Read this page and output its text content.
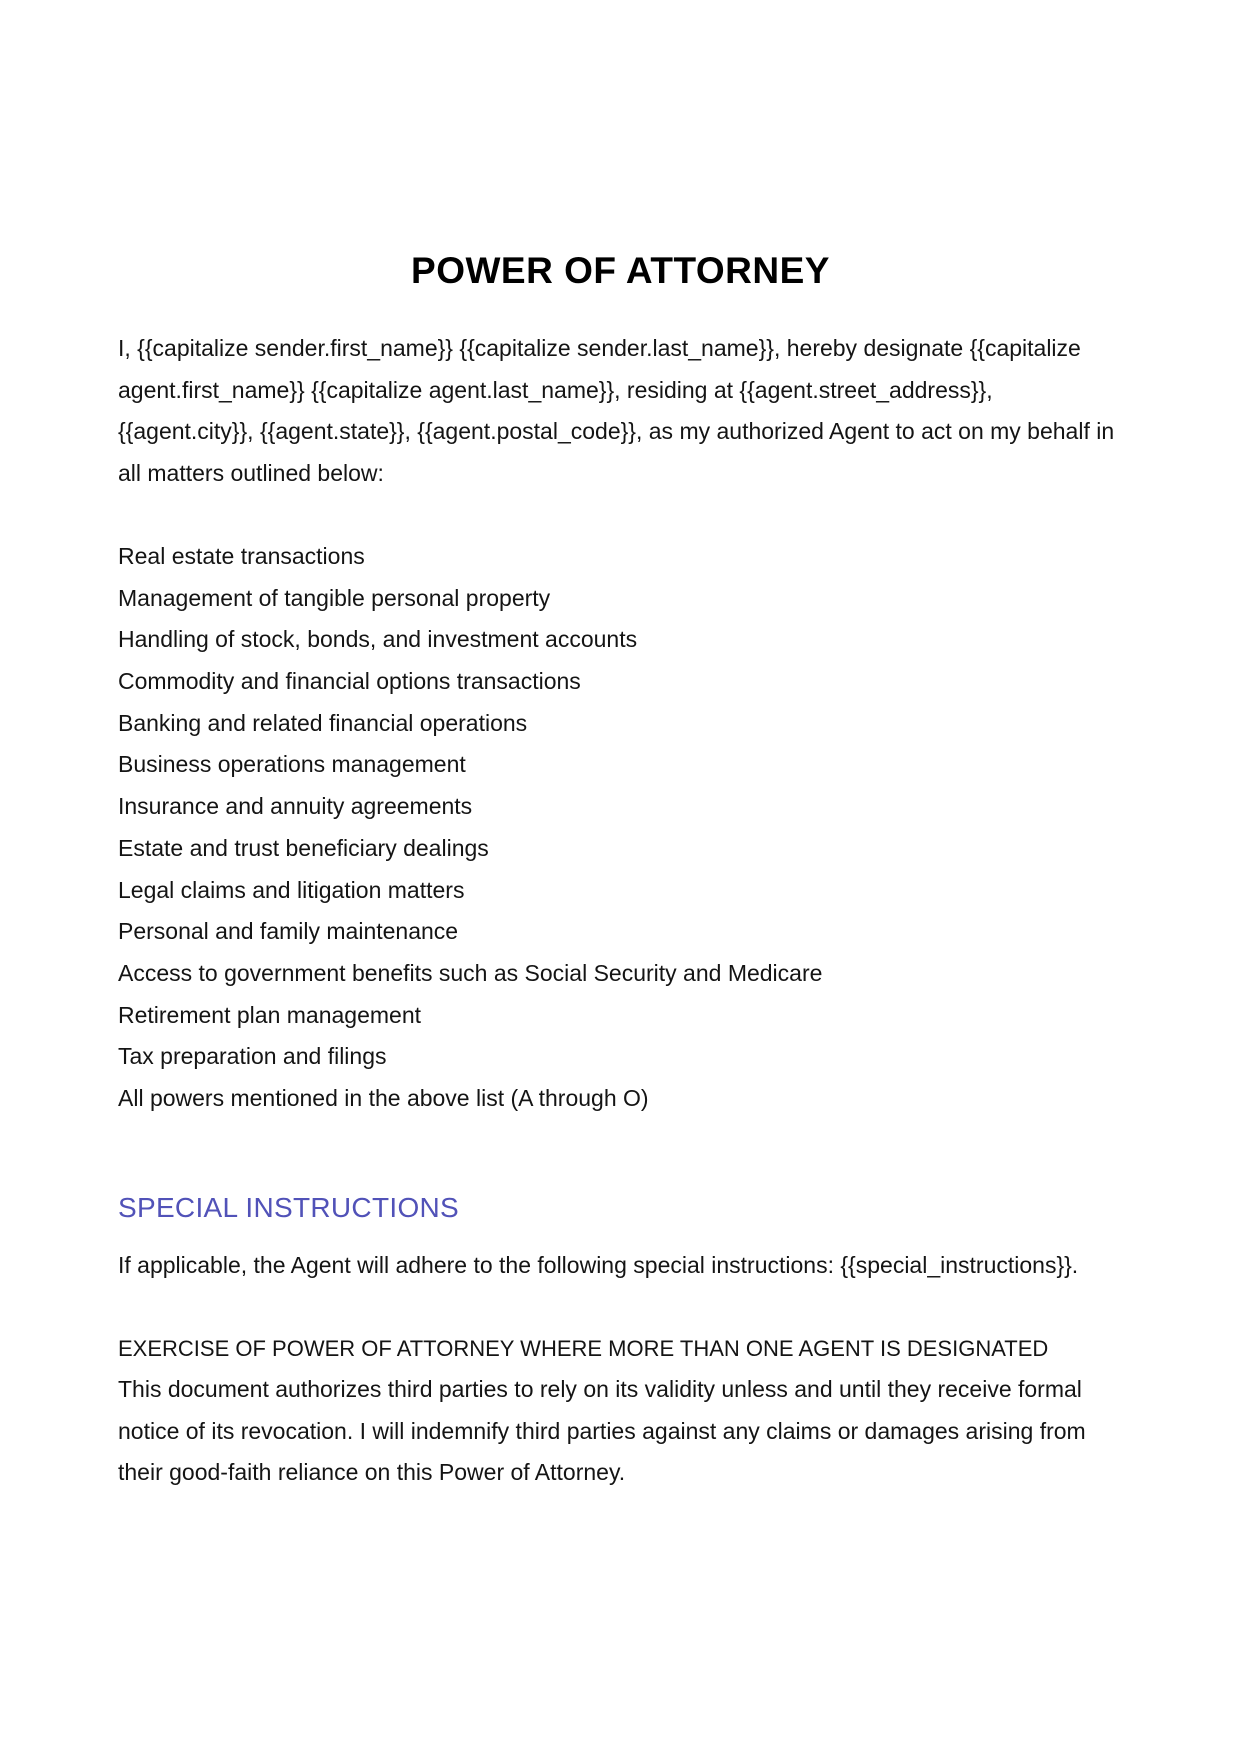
POWER OF ATTORNEY

I, {{capitalize sender.first_name}} {{capitalize sender.last_name}}, hereby designate {{capitalize agent.first_name}} {{capitalize agent.last_name}}, residing at {{agent.street_address}}, {{agent.city}}, {{agent.state}}, {{agent.postal_code}}, as my authorized Agent to act on my behalf in all matters outlined below:

Real estate transactions
Management of tangible personal property
Handling of stock, bonds, and investment accounts
Commodity and financial options transactions
Banking and related financial operations
Business operations management
Insurance and annuity agreements
Estate and trust beneficiary dealings
Legal claims and litigation matters
Personal and family maintenance
Access to government benefits such as Social Security and Medicare
Retirement plan management
Tax preparation and filings
All powers mentioned in the above list (A through O)
SPECIAL INSTRUCTIONS

If applicable, the Agent will adhere to the following special instructions: {{special_instructions}}.

EXERCISE OF POWER OF ATTORNEY WHERE MORE THAN ONE AGENT IS DESIGNATED

This document authorizes third parties to rely on its validity unless and until they receive formal notice of its revocation. I will indemnify third parties against any claims or damages arising from their good-faith reliance on this Power of Attorney.
